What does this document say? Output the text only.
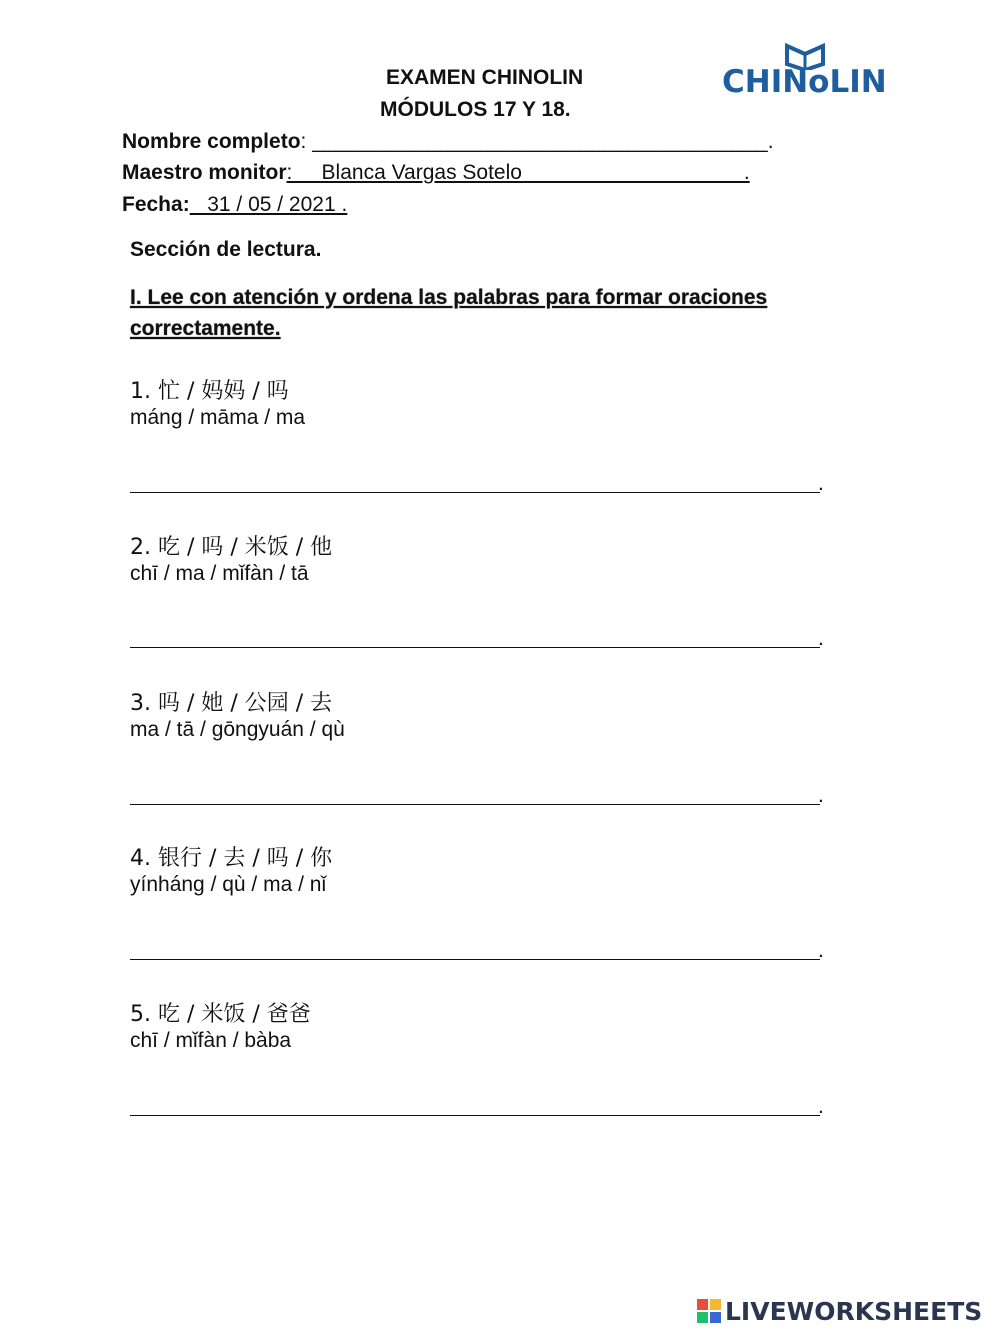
EXAMEN CHINOLIN
MÓDULOS 17 Y 18.
CHINoLIN
Nombre completo: _______________________________________.
Maestro monitor: __Blanca Vargas Sotelo___________________.
Fecha: _31 / 05 / 2021 .
Sección de lectura.
I. Lee con atención y ordena las palabras para formar oraciones
correctamente.
1. 忙 / 妈妈 / 吗
máng / māma / ma
.
2. 吃 / 吗 / 米饭 / 他
chī / ma / mǐfàn / tā
.
3. 吗 / 她 / 公园 / 去
ma / tā / gōngyuán / qù
.
4. 银行 / 去 / 吗 / 你
yínháng / qù / ma / nǐ
.
5. 吃 / 米饭 / 爸爸
chī / mǐfàn / bàba
.
LIVEWORKSHEETS
